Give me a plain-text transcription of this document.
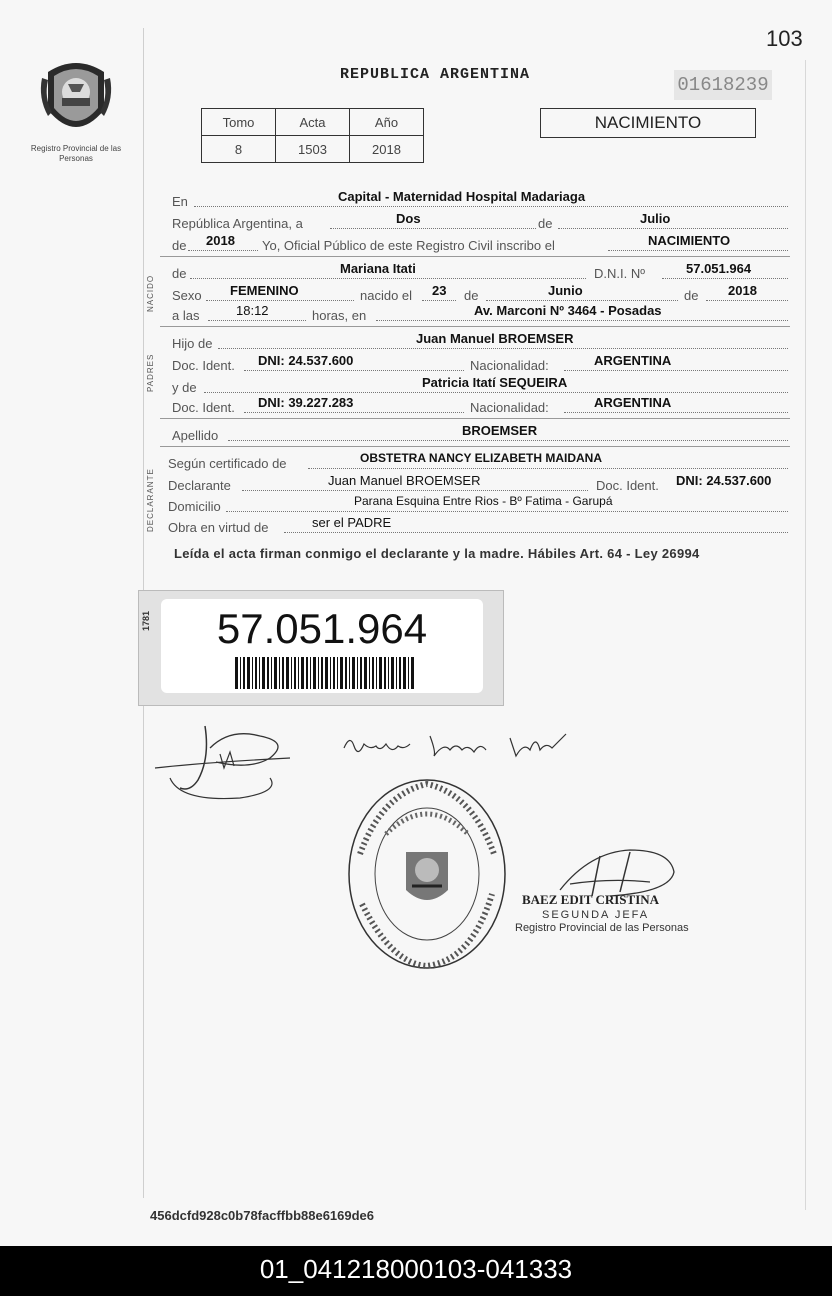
103
Registro Provincial de las Personas
REPUBLICA ARGENTINA	01618239
Tomo	Acta	Año
8	1503	2018
NACIMIENTO
En	Capital - Maternidad Hospital Madariaga
República Argentina, a	Dos	de	Julio
de 2018 Yo, Oficial Público de este Registro Civil inscribo el	NACIMIENTO
NACIDO
de	Mariana Itati	D.N.I. Nº	57.051.964
Sexo FEMENINO	nacido el 23 de	Junio	de 2018
a las	18:12	horas, en	Av. Marconi Nº 3464 - Posadas
PADRES
Hijo de	Juan Manuel BROEMSER
Doc. Ident. DNI: 24.537.600	Nacionalidad:	ARGENTINA
y de	Patricia Itatí SEQUEIRA
Doc. Ident. DNI: 39.227.283	Nacionalidad:	ARGENTINA
Apellido	BROEMSER
DECLARANTE
Según certificado de	OBSTETRA NANCY ELIZABETH MAIDANA
Declarante	Juan Manuel BROEMSER	Doc. Ident. DNI: 24.537.600
Domicilio	Parana Esquina Entre Rios - Bº Fatima - Garupá
Obra en virtud de	ser el PADRE
Leída el acta firman conmigo el declarante y la madre. Hábiles Art. 64 - Ley 26994
1781	57.051.964
BAEZ EDIT CRISTINA
SEGUNDA JEFA
Registro Provincial de las Personas
456dcfd928c0b78facffbb88e6169de6
01_041218000103-041333
